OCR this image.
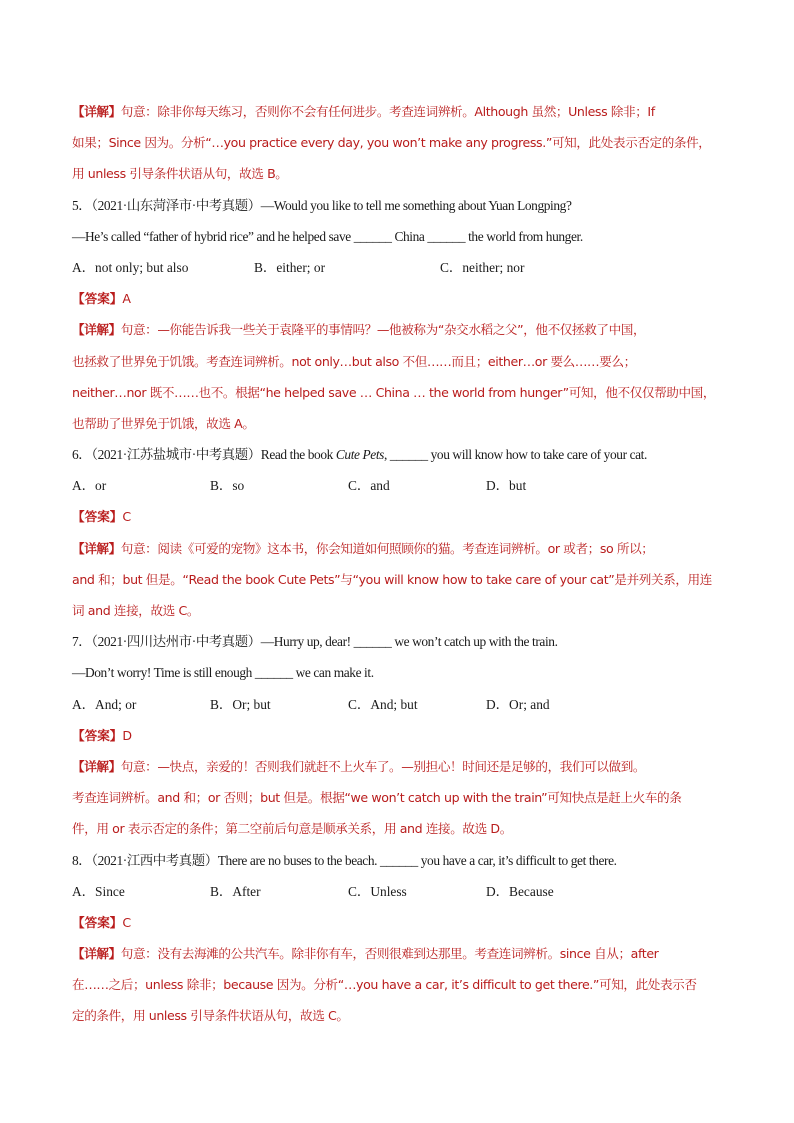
【详解】句意：除非你每天练习，否则你不会有任何进步。考查连词辨析。Although 虽然；Unless 除非；If
如果；Since 因为。分析“…you practice every day, you won’t make any progress.”可知，此处表示否定的条件，
用 unless 引导条件状语从句，故选 B。
5．（2021·山东菏泽市·中考真题）—Would you like to tell me something about Yuan Longping?
—He’s called “father of hybrid rice” and he helped save ______ China ______ the world from hunger.
A．not only; but also	B．either; or	C．neither; nor
【答案】A
【详解】句意：—你能告诉我一些关于袁隆平的事情吗？—他被称为“杂交水稻之父”，他不仅拯救了中国，
也拯救了世界免于饥饿。考查连词辨析。not only…but also 不但……而且；either…or 要么……要么；
neither…nor 既不……也不。根据“he helped save … China … the world from hunger”可知，他不仅仅帮助中国，
也帮助了世界免于饥饿，故选 A。
6．（2021·江苏盐城市·中考真题）Read the book Cute Pets, ______ you will know how to take care of your cat.
A．or	B．so	C．and	D．but
【答案】C
【详解】句意：阅读《可爱的宠物》这本书，你会知道如何照顾你的猫。考查连词辨析。or 或者；so 所以；
and 和；but 但是。“Read the book Cute Pets”与“you will know how to take care of your cat”是并列关系，用连
词 and 连接，故选 C。
7．（2021·四川达州市·中考真题）—Hurry up, dear! ______ we won’t catch up with the train.
—Don’t worry! Time is still enough ______ we can make it.
A．And; or	B．Or; but	C．And; but	D．Or; and
【答案】D
【详解】句意：—快点，亲爱的！否则我们就赶不上火车了。—别担心！时间还是足够的，我们可以做到。
考查连词辨析。and 和；or 否则；but 但是。根据“we won’t catch up with the train”可知快点是赶上火车的条
件，用 or 表示否定的条件；第二空前后句意是顺承关系，用 and 连接。故选 D。
8．（2021·江西中考真题）There are no buses to the beach. ______ you have a car, it’s difficult to get there.
A．Since	B．After	C．Unless	D．Because
【答案】C
【详解】句意：没有去海滩的公共汽车。除非你有车，否则很难到达那里。考查连词辨析。since 自从；after
在……之后；unless 除非；because 因为。分析“…you have a car, it’s difficult to get there.”可知，此处表示否
定的条件，用 unless 引导条件状语从句，故选 C。
